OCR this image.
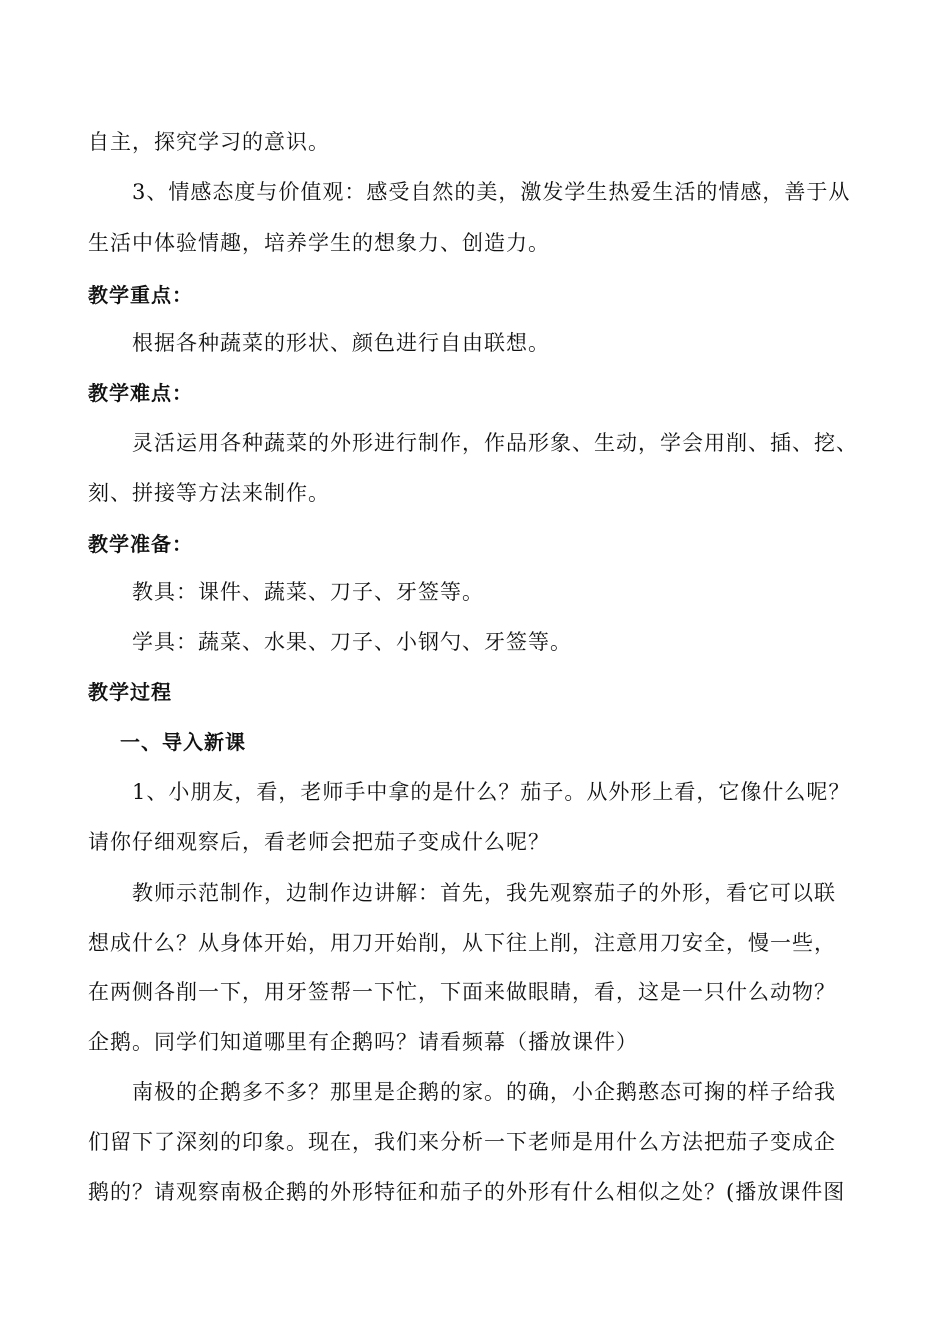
自主，探究学习的意识。
3、情感态度与价值观：感受自然的美，激发学生热爱生活的情感，善于从
生活中体验情趣，培养学生的想象力、创造力。
教学重点：
根据各种蔬菜的形状、颜色进行自由联想。
教学难点：
灵活运用各种蔬菜的外形进行制作，作品形象、生动，学会用削、插、挖、
刻、拼接等方法来制作。
教学准备：
教具：课件、蔬菜、刀子、牙签等。
学具：蔬菜、水果、刀子、小钢勺、牙签等。
教学过程
一、导入新课
1、小朋友，看，老师手中拿的是什么？茄子。从外形上看，它像什么呢？
请你仔细观察后，看老师会把茄子变成什么呢？
教师示范制作，边制作边讲解：首先，我先观察茄子的外形，看它可以联
想成什么？从身体开始，用刀开始削，从下往上削，注意用刀安全，慢一些，
在两侧各削一下，用牙签帮一下忙，下面来做眼睛，看，这是一只什么动物？
企鹅。同学们知道哪里有企鹅吗？请看频幕（播放课件）
南极的企鹅多不多？那里是企鹅的家。的确，小企鹅憨态可掬的样子给我
们留下了深刻的印象。现在，我们来分析一下老师是用什么方法把茄子变成企
鹅的？请观察南极企鹅的外形特征和茄子的外形有什么相似之处？(播放课件图
